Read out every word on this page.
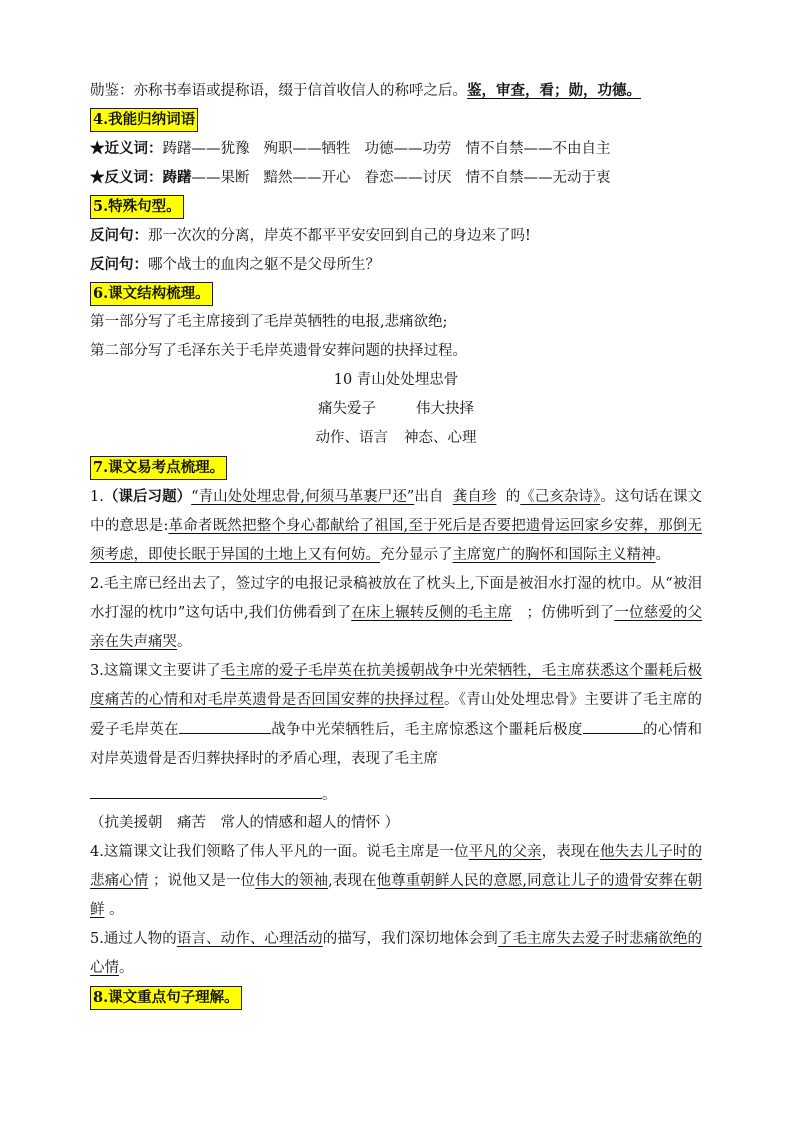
勋鉴：亦称书奉语或提称语，缀于信首收信人的称呼之后。鉴，审查，看；勋，功德。
4.我能归纳词语
★近义词：踌躇——犹豫 殉职——牺牲 功德——功劳 情不自禁——不由自主
★反义词：踌躇——果断 黯然——开心 眷恋——讨厌 情不自禁——无动于衷
5.特殊句型。
反问句：那一次次的分离，岸英不都平平安安回到自己的身边来了吗!
反问句：哪个战士的血肉之躯不是父母所生？
6.课文结构梳理。
第一部分写了毛主席接到了毛岸英牺牲的电报,悲痛欲绝;
第二部分写了毛泽东关于毛岸英遗骨安葬问题的抉择过程。
10 青山处处埋忠骨
痛失爱子	伟大抉择
动作、语言 神态、心理
7.课文易考点梳理。
1.（课后习题）“青山处处埋忠骨,何须马革裹尸还”出自 龚自珍 的《己亥杂诗》。这句话在课文中的意思是:革命者既然把整个身心都献给了祖国,至于死后是否要把遗骨运回家乡安葬，那倒无须考虑，即使长眠于异国的土地上又有何妨。充分显示了主席宽广的胸怀和国际主义精神。
2.毛主席已经出去了，签过字的电报记录稿被放在了枕头上,下面是被泪水打湿的枕巾。从“被泪水打湿的枕巾”这句话中,我们仿佛看到了在床上辗转反侧的毛主席 ；仿佛听到了一位慈爱的父亲在失声痛哭。
3.这篇课文主要讲了毛主席的爱子毛岸英在抗美援朝战争中光荣牺牲，毛主席获悉这个噩耗后极度痛苦的心情和对毛岸英遗骨是否回国安葬的抉择过程。《青山处处埋忠骨》主要讲了毛主席的爱子毛岸英在	战争中光荣牺牲后，毛主席惊悉这个噩耗后极度	的心情和对岸英遗骨是否归葬抉择时的矛盾心理，表现了毛主席
。
（抗美援朝　痛苦　常人的情感和超人的情怀 ）
4.这篇课文让我们领略了伟人平凡的一面。说毛主席是一位平凡的父亲，表现在他失去儿子时的悲痛心情 ；说他又是一位伟大的领袖,表现在他尊重朝鲜人民的意愿,同意让儿子的遗骨安葬在朝鲜 。
5.通过人物的语言、动作、心理活动的描写，我们深切地体会到了毛主席失去爱子时悲痛欲绝的心情。
8.课文重点句子理解。
